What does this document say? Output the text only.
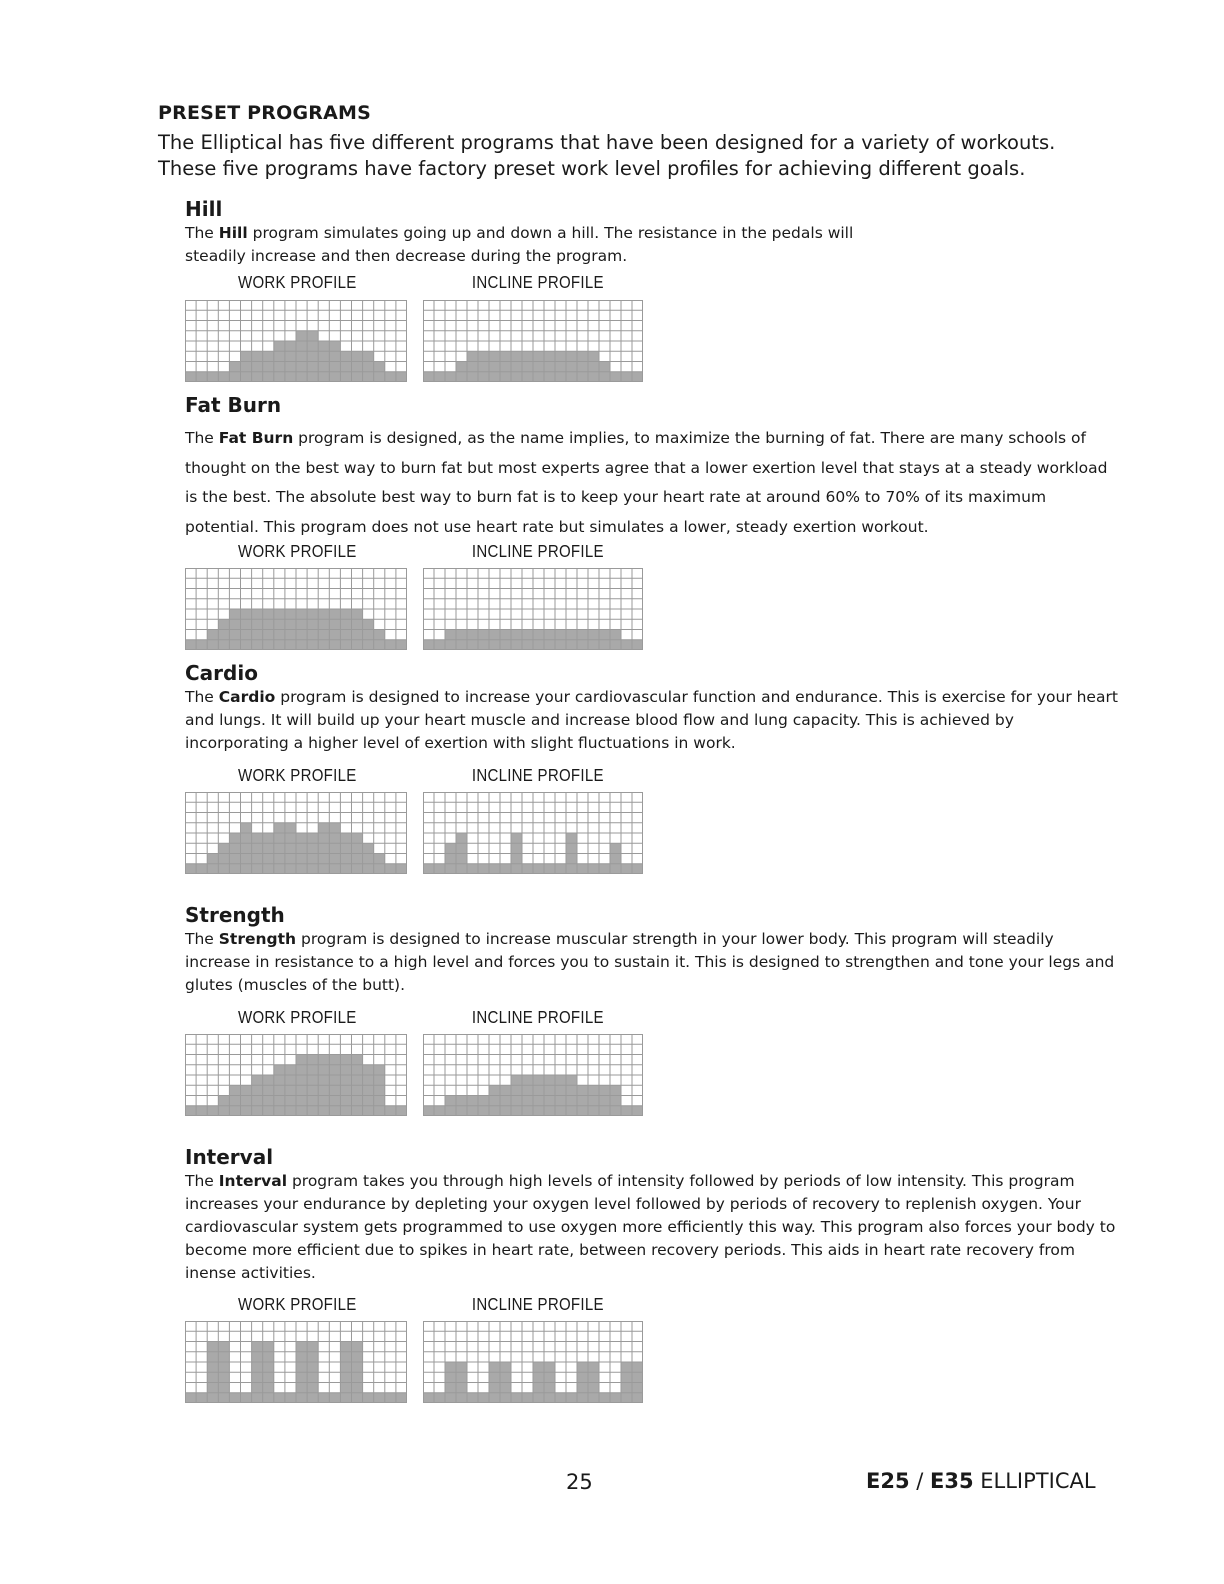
PRESET PROGRAMS
The Elliptical has five different programs that have been designed for a variety of workouts.
These five programs have factory preset work level profiles for achieving different goals.
Hill
The Hill program simulates going up and down a hill. The resistance in the pedals will steadily increase and then decrease during the program.
WORK PROFILE	INCLINE PROFILE
Fat Burn
The Fat Burn program is designed, as the name implies, to maximize the burning of fat. There are many schools of thought on the best way to burn fat but most experts agree that a lower exertion level that stays at a steady workload is the best. The absolute best way to burn fat is to keep your heart rate at around 60% to 70% of its maximum potential. This program does not use heart rate but simulates a lower, steady exertion workout.
WORK PROFILE	INCLINE PROFILE
Cardio
The Cardio program is designed to increase your cardiovascular function and endurance. This is exercise for your heart and lungs. It will build up your heart muscle and increase blood flow and lung capacity. This is achieved by incorporating a higher level of exertion with slight fluctuations in work.
WORK PROFILE	INCLINE PROFILE
Strength
The Strength program is designed to increase muscular strength in your lower body. This program will steadily increase in resistance to a high level and forces you to sustain it. This is designed to strengthen and tone your legs and glutes (muscles of the butt).
WORK PROFILE	INCLINE PROFILE
Interval
The Interval program takes you through high levels of intensity followed by periods of low intensity. This program increases your endurance by depleting your oxygen level followed by periods of recovery to replenish oxygen. Your cardiovascular system gets programmed to use oxygen more efficiently this way. This program also forces your body to become more efficient due to spikes in heart rate, between recovery periods. This aids in heart rate recovery from inense activities.
WORK PROFILE	INCLINE PROFILE
25	E25 / E35 ELLIPTICAL
